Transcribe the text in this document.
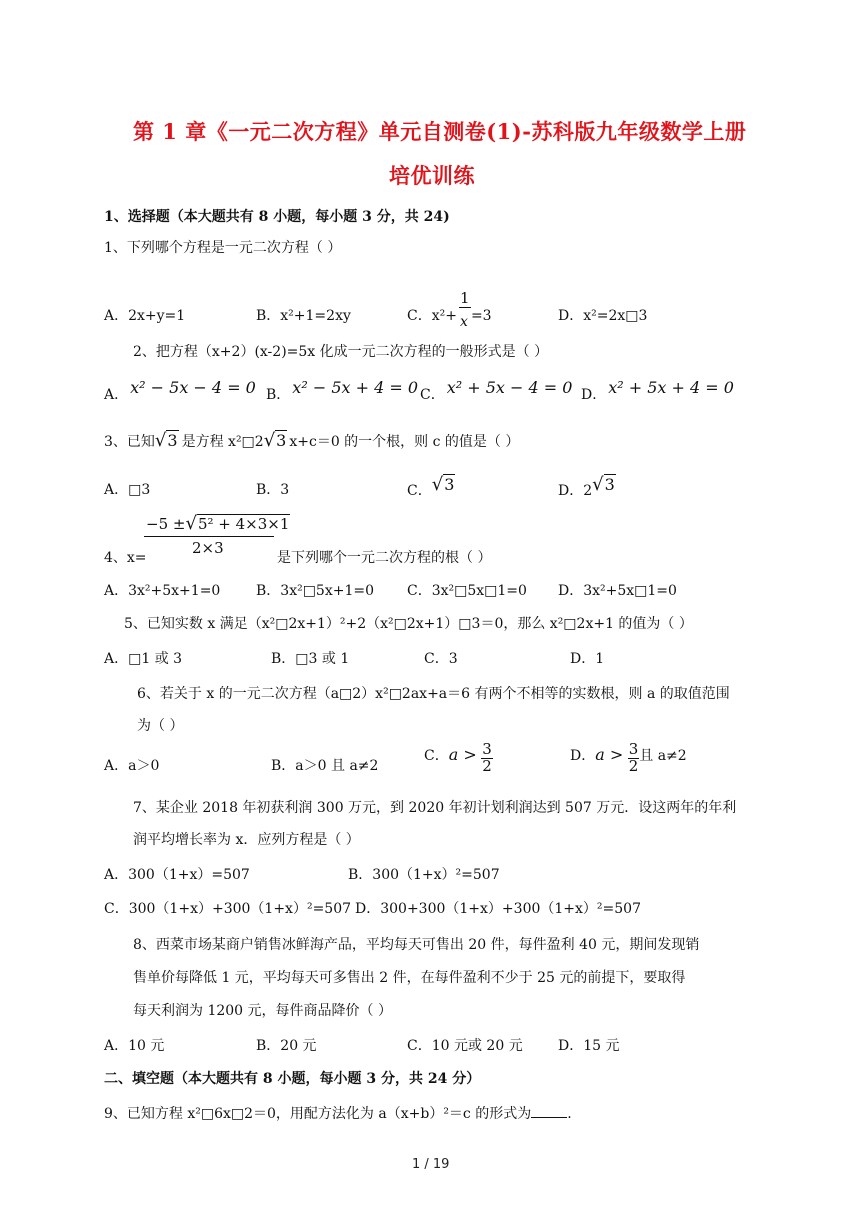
第 1 章《一元二次方程》单元自测卷(1)-苏科版九年级数学上册
培优训练
1、选择题（本大题共有 8 小题，每小题 3 分，共 24)
1、下列哪个方程是一元二次方程（ ）
A．2x+y=1	B．x²+1=2xy	C．x²+
$\frac{1}{x}$
=3	D．x²=2x□3
2、把方程（x+2）(x-2)=5x 化成一元二次方程的一般形式是（ ）
A． x² − 5x − 4 = 0 B． x² − 5x + 4 = 0 C． x² + 5x − 4 = 0 D． x² + 5x + 4 = 0
3、已知√3 是方程 x²□2√3 x+c＝0 的一个根，则 c 的值是（ ）
A．□3	B．3	C．√3	D．2√3
$\frac{\text{−5 ±√5² + 4×3×1}}{2\times 3}$
4、x=	是下列哪个一元二次方程的根（ ）
A．3x²+5x+1=0	B．3x²□5x+1=0 C．3x²□5x□1=0 D．3x²+5x□1=0
5、已知实数 x 满足（x²□2x+1）²+2（x²□2x+1）□3＝0，那么 x²□2x+1 的值为（ ）
A．□1 或 3	B．□3 或 1	C．3	D．1
6、若关于 x 的一元二次方程（a□2）x²□2ax+a＝6 有两个不相等的实数根，则 a 的取值范围
为（ ）
A．a＞0	B．a＞0 且 a≠2
C．$a > \frac{3}{2}$	D．$a > \frac{3}{2}$ 且 a≠2
7、某企业 2018 年初获利润 300 万元，到 2020 年初计划利润达到 507 万元．设这两年的年利
润平均增长率为 x．应列方程是（ ）
A．300（1+x）=507	B．300（1+x）²=507
C．300（1+x）+300（1+x）²=507 D．300+300（1+x）+300（1+x）²=507
8、西菜市场某商户销售冰鲜海产品，平均每天可售出 20 件，每件盈利 40 元，期间发现销
售单价每降低 1 元，平均每天可多售出 2 件，在每件盈利不少于 25 元的前提下，要取得
每天利润为 1200 元，每件商品降价（ ）
A．10 元	B．20 元	C．10 元或 20 元	D．15 元
二、填空题（本大题共有 8 小题，每小题 3 分，共 24 分）
9、已知方程 x²□6x□2＝0，用配方法化为 a（x+b）²＝c 的形式为	.
1 / 19
